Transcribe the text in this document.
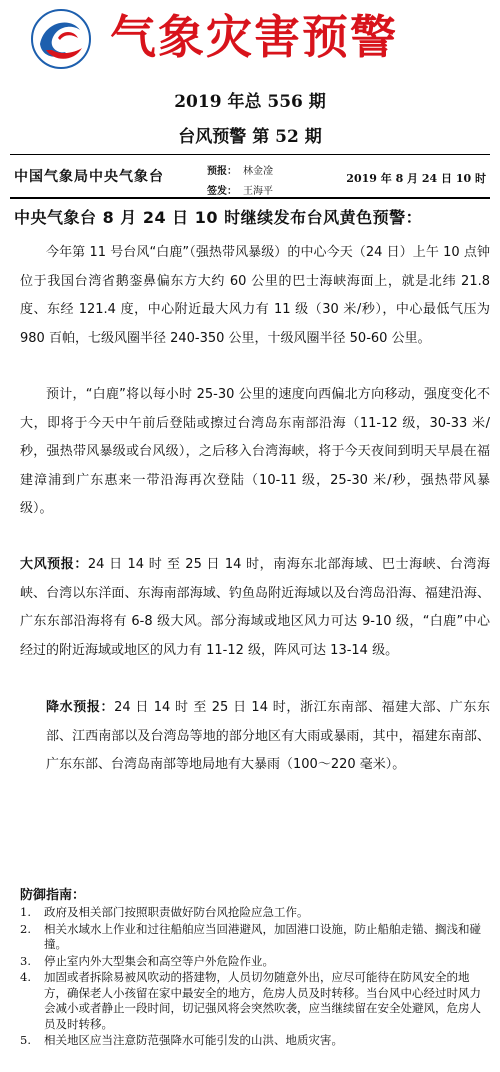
气象灾害预警
2019 年总 556 期
台风预警 第 52 期
中国气象局中央气象台	预报： 林金凎
签发： 王海平
2019 年 8 月 24 日 10 时
中央气象台 8 月 24 日 10 时继续发布台风黄色预警：

今年第 11 号台风“白鹿”（强热带风暴级）的中心今天（24 日）上午 10 点钟位于我国台湾省鹅銮鼻偏东方大约 60 公里的巴士海峡海面上，就是北纬 21.8 度、东经 121.4 度，中心附近最大风力有 11 级（30 米/秒），中心最低气压为 980 百帕，七级风圈半径 240-350 公里，十级风圈半径 50-60 公里。

预计，“白鹿”将以每小时 25-30 公里的速度向西偏北方向移动，强度变化不大，即将于今天中午前后登陆或擦过台湾岛东南部沿海（11-12 级，30-33 米/秒，强热带风暴级或台风级），之后移入台湾海峡，将于今天夜间到明天早晨在福建漳浦到广东惠来一带沿海再次登陆（10-11 级，25-30 米/秒，强热带风暴级）。

大风预报：24 日 14 时 至 25 日 14 时，南海东北部海域、巴士海峡、台湾海峡、台湾以东洋面、东海南部海域、钓鱼岛附近海域以及台湾岛沿海、福建沿海、广东东部沿海将有 6-8 级大风。部分海域或地区风力可达 9-10 级，“白鹿”中心经过的附近海域或地区的风力有 11-12 级，阵风可达 13-14 级。

降水预报：24 日 14 时 至 25 日 14 时，浙江东南部、福建大部、广东东部、江西南部以及台湾岛等地的部分地区有大雨或暴雨，其中，福建东南部、广东东部、台湾岛南部等地局地有大暴雨（100～220 毫米）。

防御指南：
1. 政府及相关部门按照职责做好防台风抢险应急工作。
2. 相关水域水上作业和过往船舶应当回港避风，加固港口设施，防止船舶走锚、搁浅和碰撞。
3. 停止室内外大型集会和高空等户外危险作业。
4. 加固或者拆除易被风吹动的搭建物，人员切勿随意外出，应尽可能待在防风安全的地方，确保老人小孩留在家中最安全的地方，危房人员及时转移。当台风中心经过时风力会减小或者静止一段时间，切记强风将会突然吹袭，应当继续留在安全处避风，危房人员及时转移。
5. 相关地区应当注意防范强降水可能引发的山洪、地质灾害。
